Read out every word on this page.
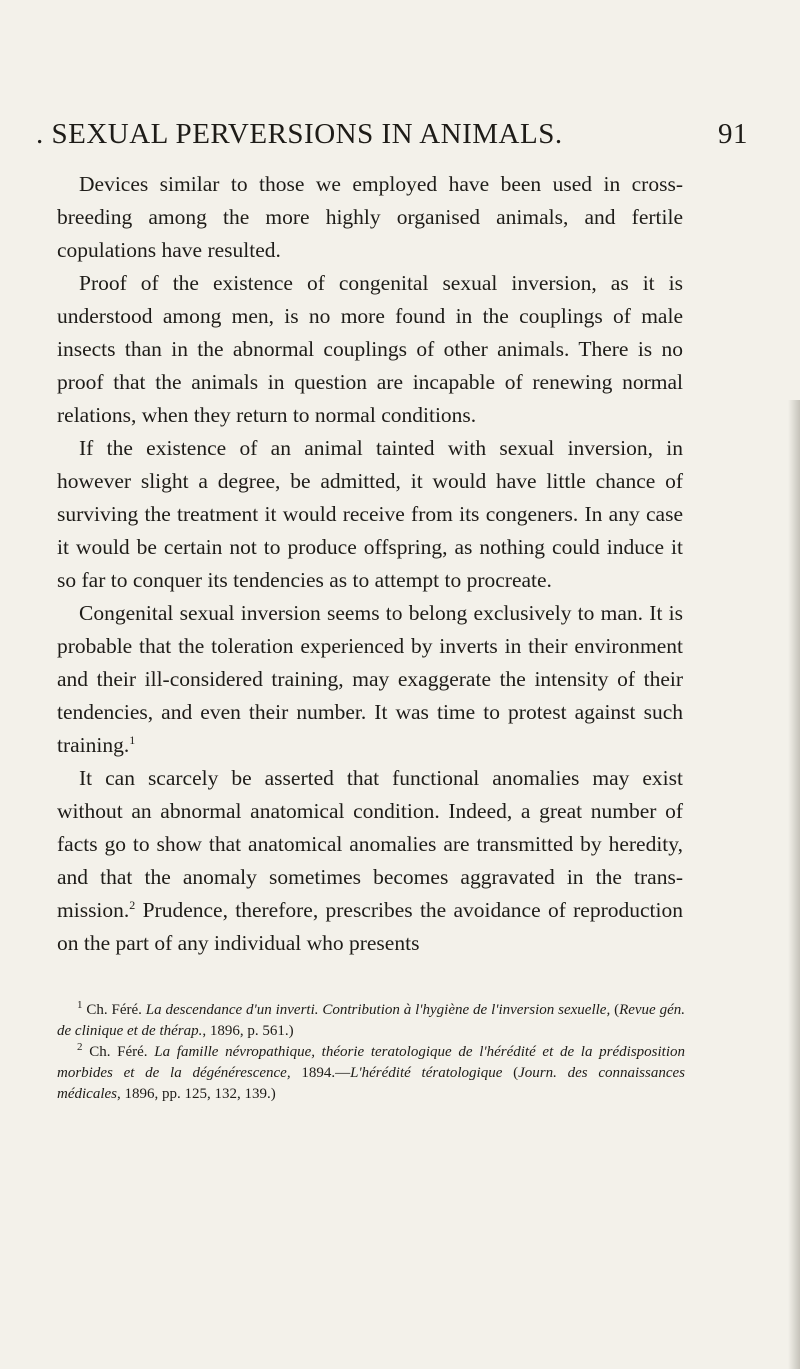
. SEXUAL PERVERSIONS IN ANIMALS.	91

Devices similar to those we employed have been used in cross-breeding among the more highly organised animals, and fertile copulations have resulted.

Proof of the existence of congenital sexual inversion, as it is understood among men, is no more found in the couplings of male insects than in the abnormal couplings of other animals. There is no proof that the animals in question are incapable of renewing normal relations, when they return to normal conditions.

If the existence of an animal tainted with sexual inversion, in however slight a degree, be admitted, it would have little chance of surviving the treatment it would receive from its congeners. In any case it would be certain not to produce offspring, as nothing could induce it so far to conquer its tendencies as to attempt to procreate.

Congenital sexual inversion seems to belong exclusively to man. It is probable that the toleration experienced by inverts in their environment and their ill-considered training, may exaggerate the intensity of their tendencies, and even their number. It was time to protest against such training.$^1$

It can scarcely be asserted that functional anomalies may exist without an abnormal anatomical condition. Indeed, a great number of facts go to show that anatomical anomalies are transmitted by heredity, and that the anomaly sometimes becomes aggravated in the trans-mission.$^2$ Prudence, therefore, prescribes the avoidance of reproduction on the part of any individual who presents

$^1$ Ch. Féré. La descendance d'un inverti. Contribution à l'hygiène de l'inversion sexuelle, (Revue gén. de clinique et de thérap., 1896, p. 561.)

$^2$ Ch. Féré. La famille névropathique, théorie teratologique de l'hérédité et de la prédisposition morbides et de la dégénérescence, 1894.—L'hérédité tératologique (Journ. des connaissances médicales, 1896, pp. 125, 132, 139.)
